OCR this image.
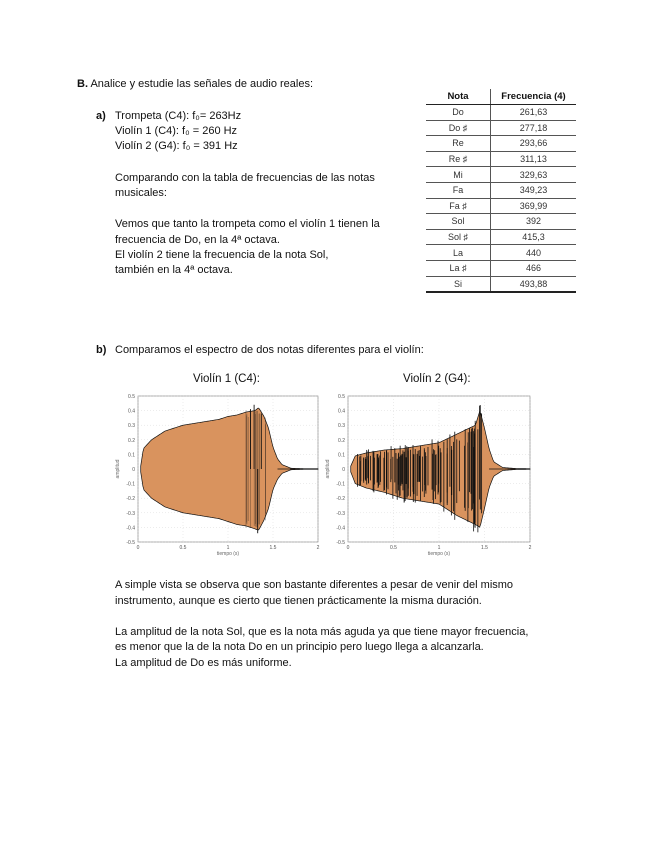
B. Analice y estudie las señales de audio reales:
a) Trompeta (C4): f₀= 263Hz
Violín 1 (C4): f₀ = 260 Hz
Violín 2 (G4): f₀ = 391 Hz
Comparando con la tabla de frecuencias de las notas
musicales:
Vemos que tanto la trompeta como el violín 1 tienen la
frecuencia de Do, en la 4ª octava.
El violín 2 tiene la frecuencia de la nota Sol,
también en la 4ª octava.
Nota	Frecuencia (4)
Do	261,63
Do ♯	277,18
Re	293,66
Re ♯	311,13
Mi	329,63
Fa	349,23
Fa ♯	369,99
Sol	392
Sol ♯	415,3
La	440
La ♯	466
Si	493,88
b) Comparamos el espectro de dos notas diferentes para el violín:
Violín 1 (C4):	Violín 2 (G4):
0.5
0.4
0.3
0.2
0.1
0
-0.1
-0.2
-0.3
-0.4
-0.5
0	0.5	1	1.5	2
tiempo (s)
amplitud
0.5
0.4
0.3
0.2
0.1
0
-0.1
-0.2
-0.3
-0.4
-0.5
0	0.5	1	1.5	2
tiempo (s)
amplitud
A simple vista se observa que son bastante diferentes a pesar de venir del mismo
instrumento, aunque es cierto que tienen prácticamente la misma duración.
La amplitud de la nota Sol, que es la nota más aguda ya que tiene mayor frecuencia,
es menor que la de la nota Do en un principio pero luego llega a alcanzarla.
La amplitud de Do es más uniforme.
